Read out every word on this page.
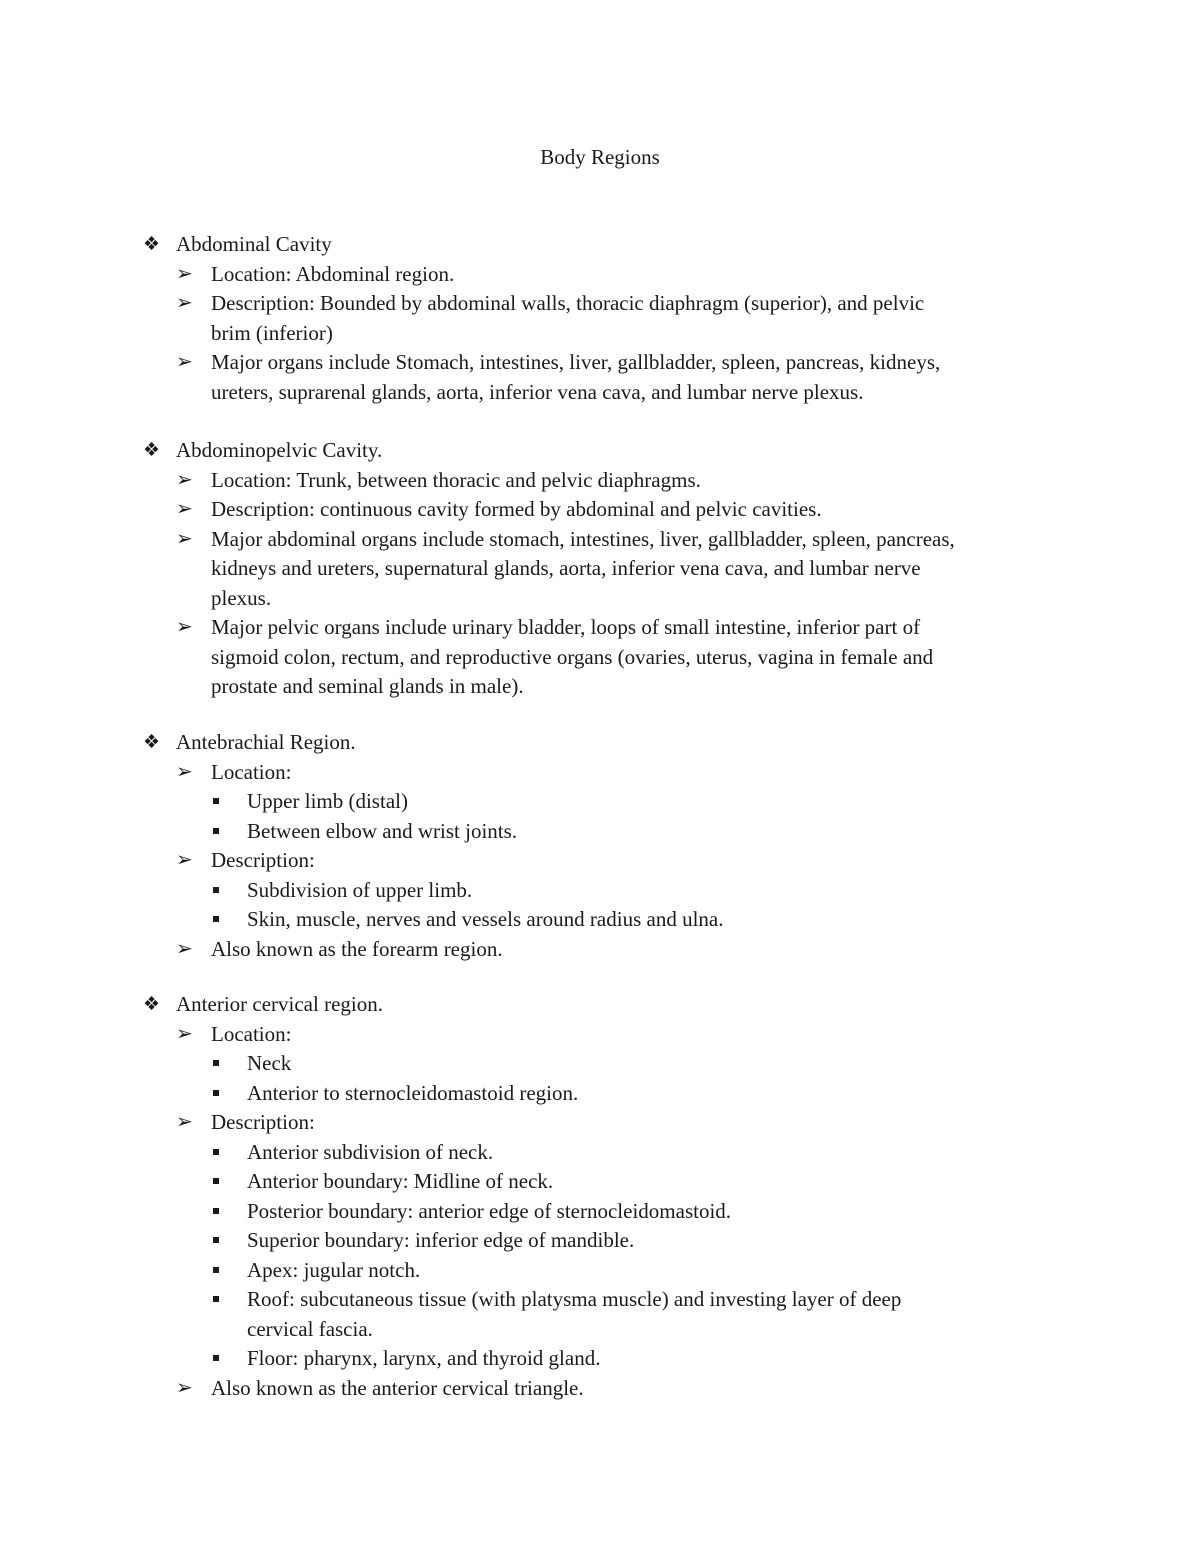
Body Regions
❖ Abdominal Cavity
➢ Location: Abdominal region.
➢ Description: Bounded by abdominal walls, thoracic diaphragm (superior), and pelvic
brim (inferior)
➢ Major organs include Stomach, intestines, liver, gallbladder, spleen, pancreas, kidneys,
ureters, suprarenal glands, aorta, inferior vena cava, and lumbar nerve plexus.
❖ Abdominopelvic Cavity.
➢ Location: Trunk, between thoracic and pelvic diaphragms.
➢ Description: continuous cavity formed by abdominal and pelvic cavities.
➢ Major abdominal organs include stomach, intestines, liver, gallbladder, spleen, pancreas,
kidneys and ureters, supernatural glands, aorta, inferior vena cava, and lumbar nerve
plexus.
➢ Major pelvic organs include urinary bladder, loops of small intestine, inferior part of
sigmoid colon, rectum, and reproductive organs (ovaries, uterus, vagina in female and
prostate and seminal glands in male).
❖ Antebrachial Region.
➢ Location:
Upper limb (distal)
Between elbow and wrist joints.
➢ Description:
Subdivision of upper limb.
Skin, muscle, nerves and vessels around radius and ulna.
➢ Also known as the forearm region.
❖ Anterior cervical region.
➢ Location:
Neck
Anterior to sternocleidomastoid region.
➢ Description:
Anterior subdivision of neck.
Anterior boundary: Midline of neck.
Posterior boundary: anterior edge of sternocleidomastoid.
Superior boundary: inferior edge of mandible.
Apex: jugular notch.
Roof: subcutaneous tissue (with platysma muscle) and investing layer of deep
cervical fascia.
Floor: pharynx, larynx, and thyroid gland.
➢ Also known as the anterior cervical triangle.
